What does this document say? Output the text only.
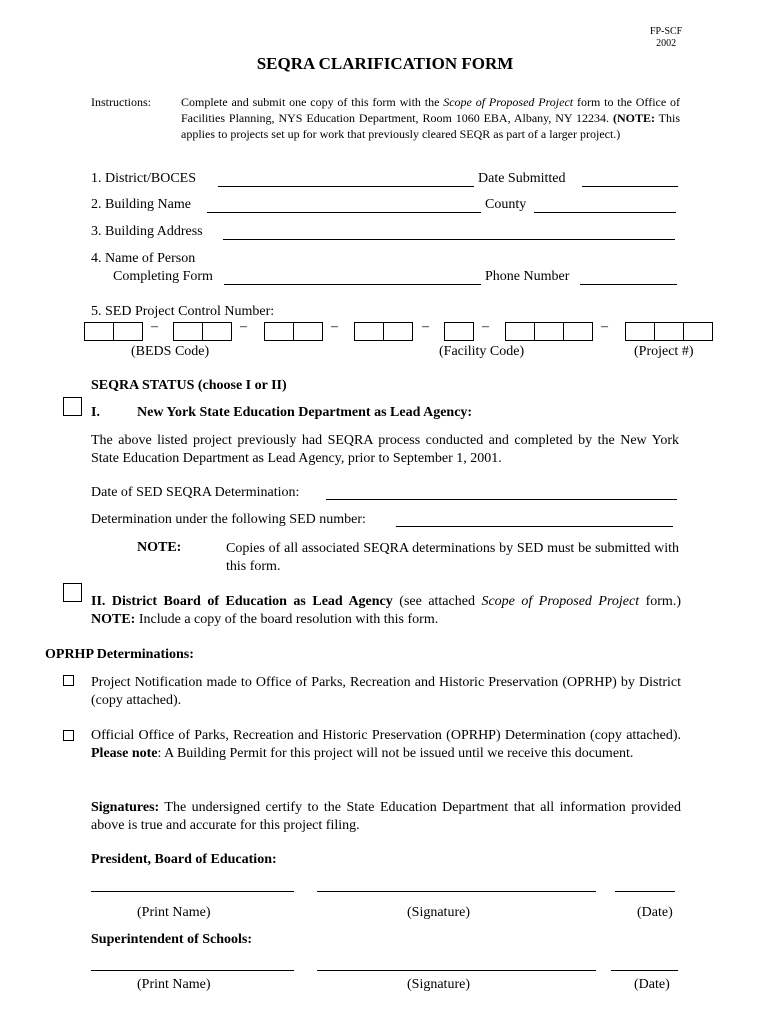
FP-SCF
2002
SEQRA CLARIFICATION FORM
Instructions:	Complete and submit one copy of this form with the Scope of Proposed Project form to the Office of Facilities Planning, NYS Education Department, Room 1060 EBA, Albany, NY 12234. (NOTE: This applies to projects set up for work that previously cleared SEQR as part of a larger project.)
1. District/BOCES	Date Submitted
2. Building Name	County
3. Building Address
4. Name of Person
Completing Form	Phone Number
5. SED Project Control Number:
–	–	–	–	–	–
(BEDS Code)	(Facility Code)	(Project #)
SEQRA STATUS (choose I or II)
I.	New York State Education Department as Lead Agency:
The above listed project previously had SEQRA process conducted and completed by the New York State Education Department as Lead Agency, prior to September 1, 2001.
Date of SED SEQRA Determination:
Determination under the following SED number:
NOTE:	Copies of all associated SEQRA determinations by SED must be submitted with this form.
II. District Board of Education as Lead Agency (see attached Scope of Proposed Project form.) NOTE: Include a copy of the board resolution with this form.
OPRHP Determinations:
Project Notification made to Office of Parks, Recreation and Historic Preservation (OPRHP) by District (copy attached).
Official Office of Parks, Recreation and Historic Preservation (OPRHP) Determination (copy attached). Please note: A Building Permit for this project will not be issued until we receive this document.
Signatures: The undersigned certify to the State Education Department that all information provided above is true and accurate for this project filing.
President, Board of Education:
(Print Name)	(Signature)	(Date)
Superintendent of Schools:
(Print Name)	(Signature)	(Date)
